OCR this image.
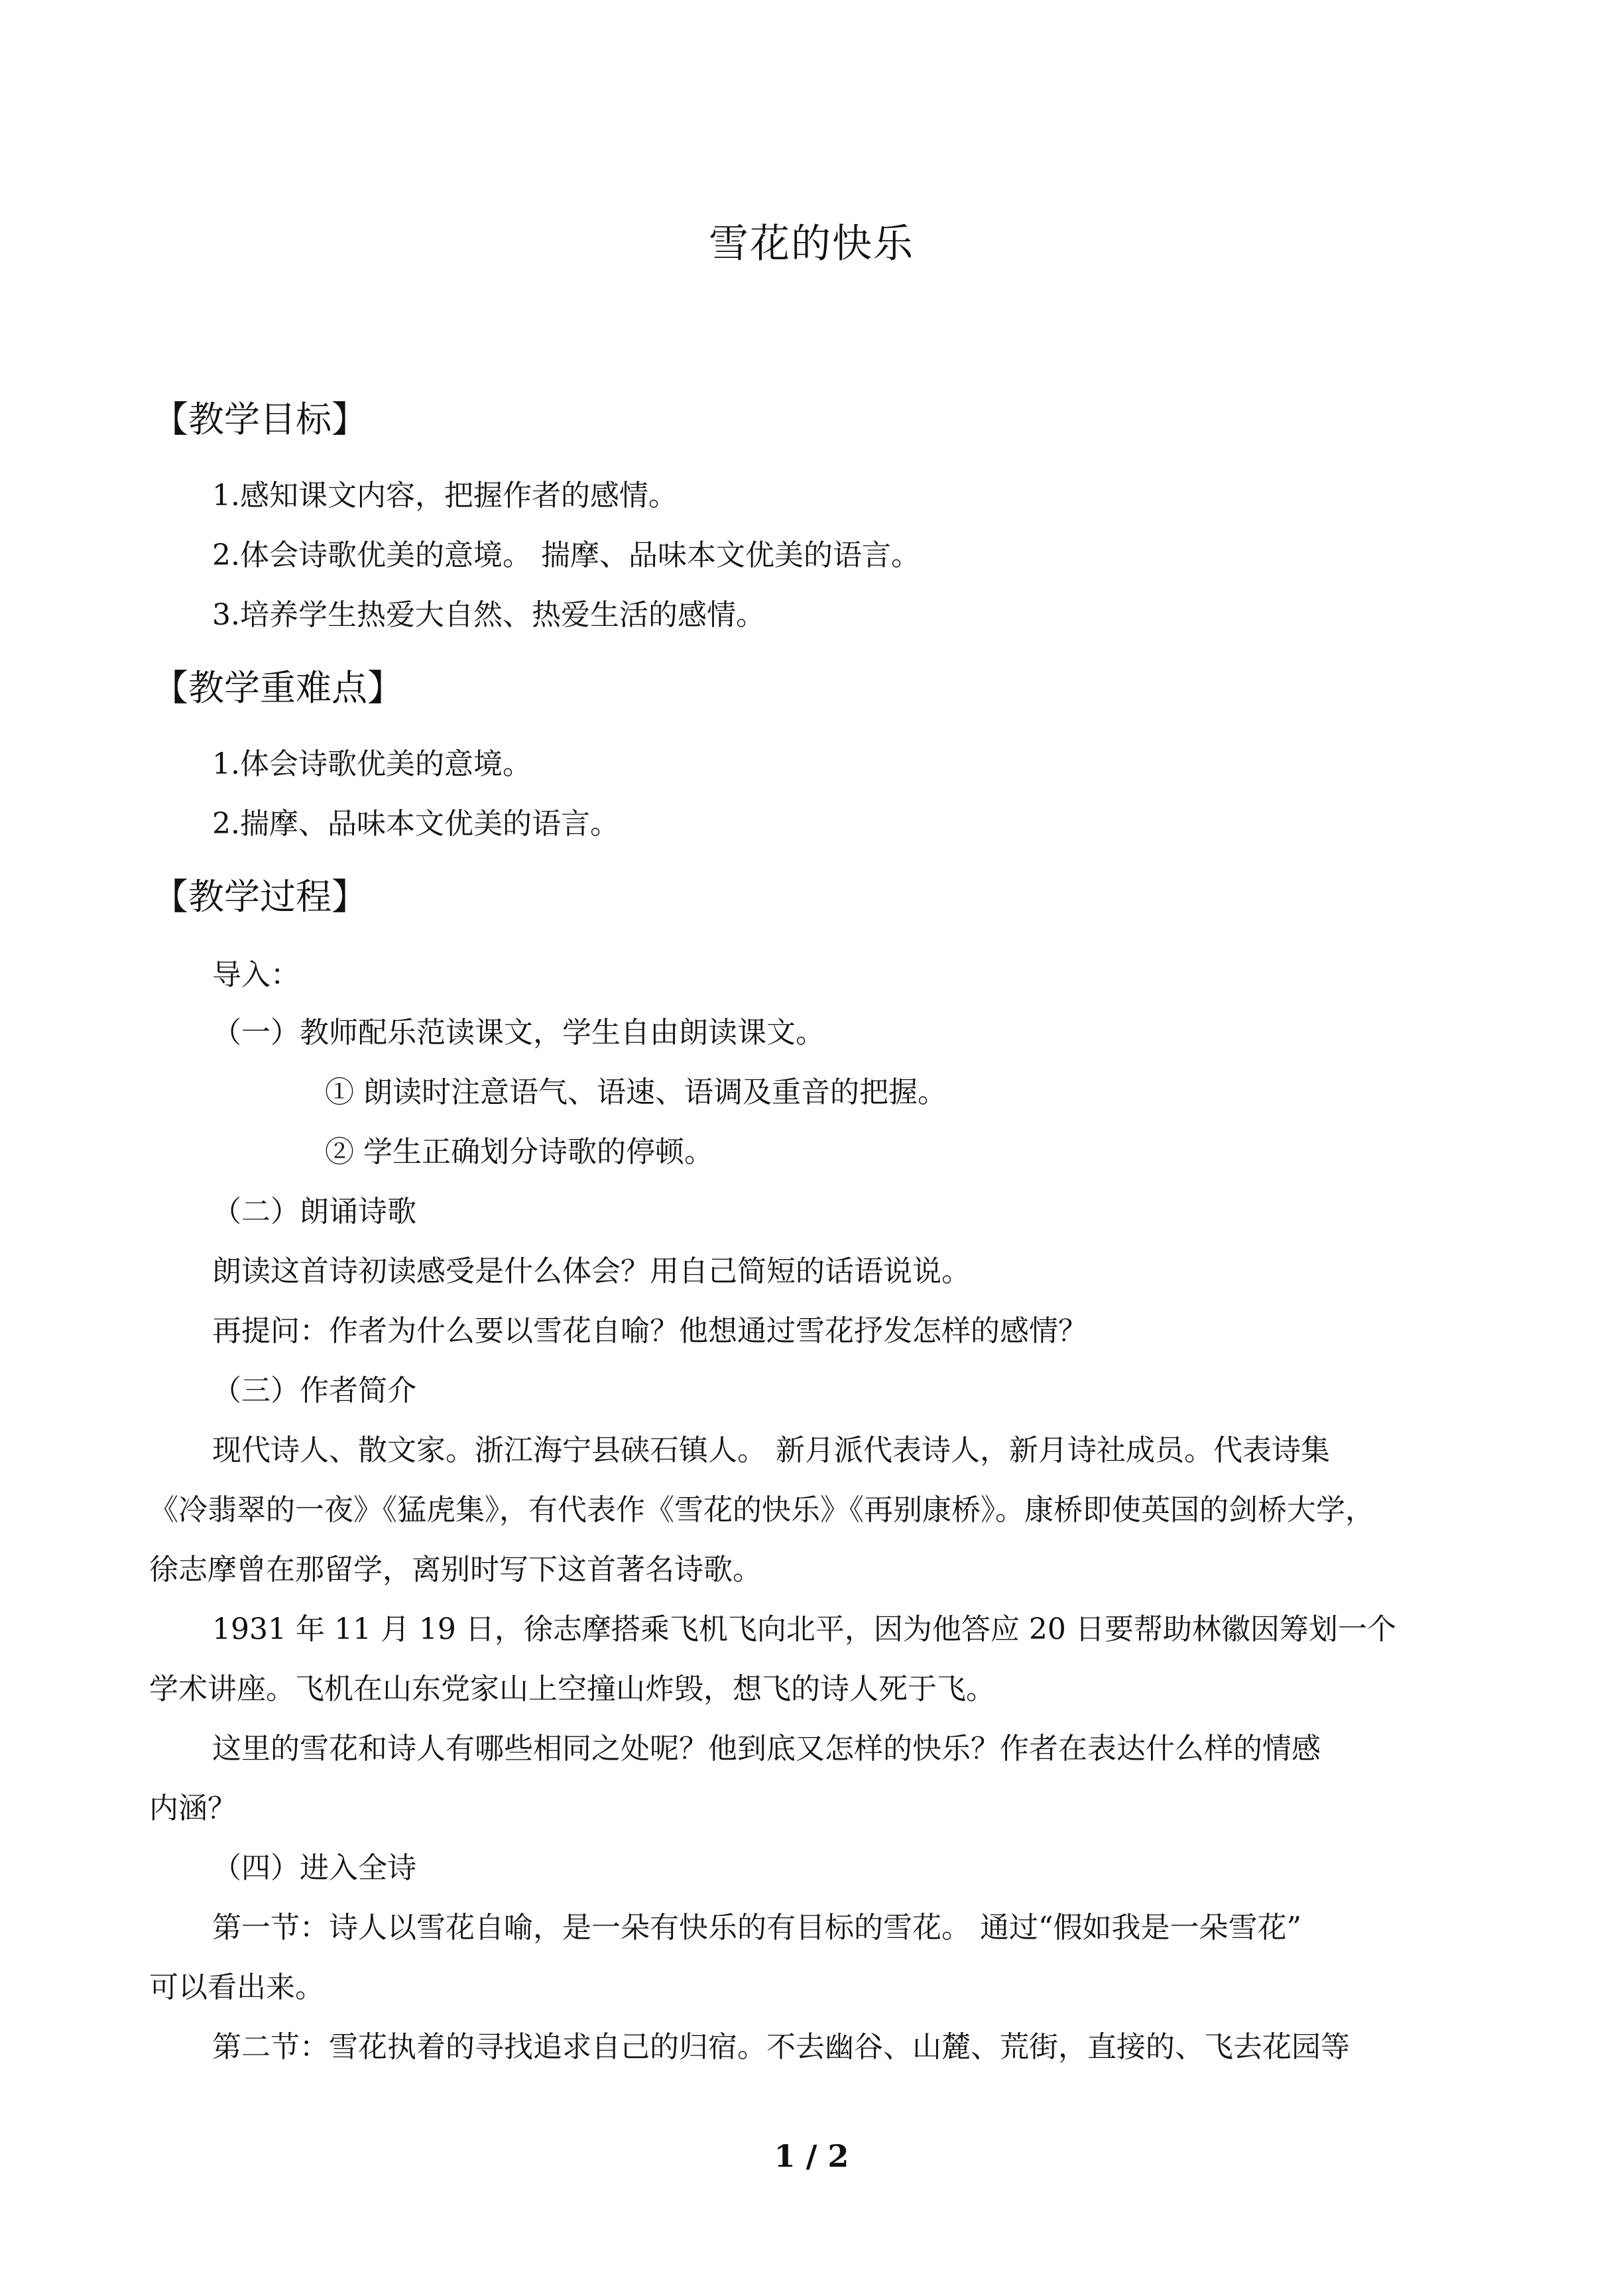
雪花的快乐
【教学目标】
1.感知课文内容，把握作者的感情。
2.体会诗歌优美的意境。 揣摩、品味本文优美的语言。
3.培养学生热爱大自然、热爱生活的感情。
【教学重难点】
1.体会诗歌优美的意境。
2.揣摩、品味本文优美的语言。
【教学过程】
导入：
（一）教师配乐范读课文，学生自由朗读课文。
① 朗读时注意语气、语速、语调及重音的把握。
② 学生正确划分诗歌的停顿。
（二）朗诵诗歌
朗读这首诗初读感受是什么体会？用自己简短的话语说说。
再提问：作者为什么要以雪花自喻？他想通过雪花抒发怎样的感情？
（三）作者简介
现代诗人、散文家。浙江海宁县硖石镇人。 新月派代表诗人，新月诗社成员。代表诗集
《冷翡翠的一夜》《猛虎集》，有代表作《雪花的快乐》《再别康桥》。康桥即使英国的剑桥大学，
徐志摩曾在那留学，离别时写下这首著名诗歌。
1931 年 11 月 19 日，徐志摩搭乘飞机飞向北平，因为他答应 20 日要帮助林徽因筹划一个
学术讲座。飞机在山东党家山上空撞山炸毁，想飞的诗人死于飞。
这里的雪花和诗人有哪些相同之处呢？他到底又怎样的快乐？作者在表达什么样的情感
内涵？
（四）进入全诗
第一节：诗人以雪花自喻，是一朵有快乐的有目标的雪花。 通过“假如我是一朵雪花”
可以看出来。
第二节：雪花执着的寻找追求自己的归宿。不去幽谷、山麓、荒街，直接的、飞去花园等
1 / 2
